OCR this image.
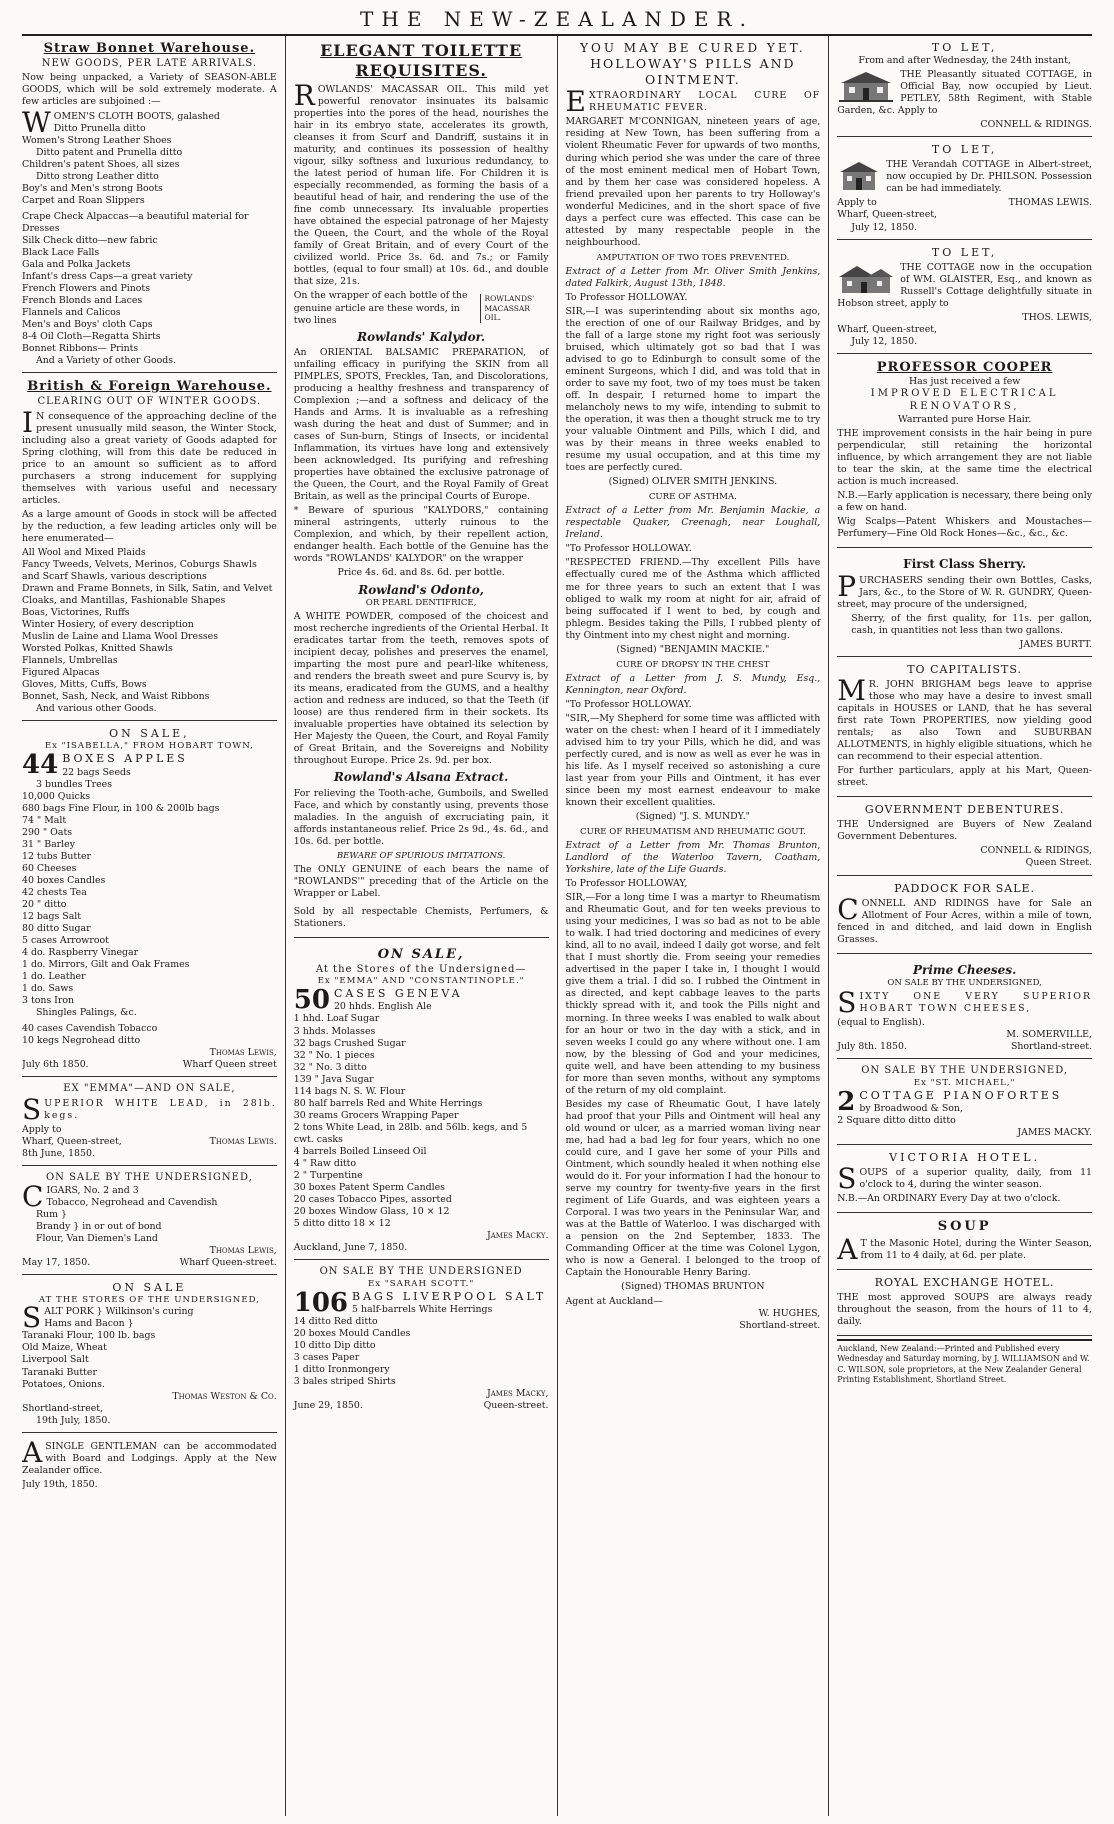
THE NEW-ZEALANDER.
Straw Bonnet Warehouse.
NEW GOODS, PER LATE ARRIVALS.

Now being unpacked, a Variety of SEASON-ABLE GOODS, which will be sold extremely moderate. A few articles are subjoined :—

W OMEN'S CLOTH BOOTS, galashed
Ditto Prunella ditto
Women's Strong Leather Shoes
Ditto patent and Prunella ditto
Children's patent Shoes, all sizes
Ditto strong Leather ditto
Boy's and Men's strong Boots
Carpet and Roan Slippers
Crape Check Alpaccas—a beautiful material for Dresses
Silk Check ditto—new fabric
Black Lace Falls
Gala and Polka Jackets
Infant's dress Caps—a great variety
French Flowers and Pinots
French Blonds and Laces
Flannels and Calicos
Men's and Boys' cloth Caps
8-4 Oil Cloth—Regatta Shirts
Bonnet Ribbons— Prints
And a Variety of other Goods.
British & Foreign Warehouse.
CLEARING OUT OF WINTER GOODS.

I N consequence of the approaching decline of the present unusually mild season, the Winter Stock, including also a great variety of Goods adapted for Spring clothing, will from this date be reduced in price to an amount so sufficient as to afford purchasers a strong inducement for supplying themselves with various useful and necessary articles.

As a large amount of Goods in stock will be affected by the reduction, a few leading articles only will be here enumerated—

All Wool and Mixed Plaids
Fancy Tweeds, Velvets, Merinos, Coburgs Shawls and Scarf Shawls, various descriptions
Drawn and Frame Bonnets, in Silk, Satin, and Velvet
Cloaks, and Mantillas, Fashionable Shapes
Boas, Victorines, Ruffs
Winter Hosiery, of every description
Muslin de Laine and Llama Wool Dresses
Worsted Polkas, Knitted Shawls
Flannels, Umbrellas
Figured Alpacas
Gloves, Mitts, Cuffs, Bows
Bonnet, Sash, Neck, and Waist Ribbons
And various other Goods.
ON SALE,
Ex "ISABELLA," FROM HOBART TOWN,
44 BOXES APPLES
22 bags Seeds
3 bundles Trees
10,000 Quicks
680 bags Fine Flour, in 100 & 200lb bags
74 " Malt
290 " Oats
31 " Barley
12 tubs Butter
60 Cheeses
40 boxes Candles
42 chests Tea
20 " ditto
12 bags Salt
80 ditto Sugar
5 cases Arrowroot
4 do. Raspberry Vinegar
1 do. Mirrors, Gilt and Oak Frames
1 do. Leather
1 do. Saws
3 tons Iron
Shingles Palings, &c.
40 cases Cavendish Tobacco
10 kegs Negrohead ditto
Thomas Lewis,
July 6th 1850.	Wharf Queen street
EX "EMMA"—AND ON SALE,

SUPERIOR WHITE LEAD, in 28lb. kegs.

Apply to
Wharf, Queen-street,	Thomas Lewis.
8th June, 1850.
ON SALE BY THE UNDERSIGNED,
C IGARS, No. 2 and 3
Tobacco, Negrohead and Cavendish
Rum }
Brandy } in or out of bond
Flour, Van Diemen's Land
Thomas Lewis,
May 17, 1850.	Wharf Queen-street.
ON SALE
AT THE STORES OF THE UNDERSIGNED,
S ALT PORK } Wilkinson's curing
Hams and Bacon }
Taranaki Flour, 100 lb. bags
Old Maize, Wheat
Liverpool Salt
Taranaki Butter
Potatoes, Onions.
Thomas Weston & Co.
Shortland-street,
19th July, 1850.

ASINGLE GENTLEMAN can be accommodated with Board and Lodgings. Apply at the New Zealander office.

July 19th, 1850.
ELEGANT TOILETTE REQUISITES.

ROWLANDS' MACASSAR OIL. This mild yet powerful renovator insinuates its balsamic properties into the pores of the head, nourishes the hair in its embryo state, accelerates its growth, cleanses it from Scurf and Dandriff, sustains it in maturity, and continues its possession of healthy vigour, silky softness and luxurious redundancy, to the latest period of human life. For Children it is especially recommended, as forming the basis of a beautiful head of hair, and rendering the use of the fine comb unnecessary. Its invaluable properties have obtained the especial patronage of her Majesty the Queen, the Court, and the whole of the Royal family of Great Britain, and of every Court of the civilized world. Price 3s. 6d. and 7s.; or Family bottles, (equal to four small) at 10s. 6d., and double that size, 21s.

On the wrapper of each bottle of the genuine article are these words, in two lines
ROWLANDS' MACASSAR OIL.
Rowlands' Kalydor.

An ORIENTAL BALSAMIC PREPARATION, of unfailing efficacy in purifying the SKIN from all PIMPLES, SPOTS, Freckles, Tan, and Discolorations, producing a healthy freshness and transparency of Complexion ;—and a softness and delicacy of the Hands and Arms. It is invaluable as a refreshing wash during the heat and dust of Summer; and in cases of Sun-burn, Stings of Insects, or incidental Inflammation, its virtues have long and extensively been acknowledged. Its purifying and refreshing properties have obtained the exclusive patronage of the Queen, the Court, and the Royal Family of Great Britain, as well as the principal Courts of Europe.

* Beware of spurious "KALYDORS," containing mineral astringents, utterly ruinous to the Complexion, and which, by their repellent action, endanger health. Each bottle of the Genuine has the words "ROWLANDS' KALYDOR" on the wrapper

Price 4s. 6d. and 8s. 6d. per bottle.
Rowland's Odonto,
OR PEARL DENTIFRICE,

A WHITE POWDER, composed of the choicest and most recherche ingredients of the Oriental Herbal. It eradicates tartar from the teeth, removes spots of incipient decay, polishes and preserves the enamel, imparting the most pure and pearl-like whiteness, and renders the breath sweet and pure Scurvy is, by its means, eradicated from the GUMS, and a healthy action and redness are induced, so that the Teeth (if loose) are thus rendered firm in their sockets. Its invaluable properties have obtained its selection by Her Majesty the Queen, the Court, and Royal Family of Great Britain, and the Sovereigns and Nobility throughout Europe. Price 2s. 9d. per box.

Rowland's Alsana Extract.

For relieving the Tooth-ache, Gumboils, and Swelled Face, and which by constantly using, prevents those maladies. In the anguish of excruciating pain, it affords instantaneous relief. Price 2s 9d., 4s. 6d., and 10s. 6d. per bottle.

BEWARE OF SPURIOUS IMITATIONS.

The ONLY GENUINE of each bears the name of "ROWLANDS'" preceding that of the Article on the Wrapper or Label.

Sold by all respectable Chemists, Perfumers, & Stationers.

ON SALE,
At the Stores of the Undersigned—
Ex "EMMA" AND "CONSTANTINOPLE."
50 CASES GENEVA
20 hhds. English Ale
1 hhd. Loaf Sugar
3 hhds. Molasses
32 bags Crushed Sugar
32 " No. 1 pieces
32 " No. 3 ditto
139 " Java Sugar
114 bags N. S. W. Flour
80 half barrels Red and White Herrings
30 reams Grocers Wrapping Paper
2 tons White Lead, in 28lb. and 56lb. kegs, and 5 cwt. casks
4 barrels Boiled Linseed Oil
4 " Raw ditto
2 " Turpentine
30 boxes Patent Sperm Candles
20 cases Tobacco Pipes, assorted
20 boxes Window Glass, 10 × 12
5 ditto ditto 18 × 12
James Macky.
Auckland, June 7, 1850.
ON SALE BY THE UNDERSIGNED
Ex "SARAH SCOTT."
106 BAGS LIVERPOOL SALT
5 half-barrels White Herrings
14 ditto Red ditto
20 boxes Mould Candles
10 ditto Dip ditto
3 cases Paper
1 ditto Ironmongery
3 bales striped Shirts
James Macky,
June 29, 1850.	Queen-street.
YOU MAY BE CURED YET.
HOLLOWAY'S PILLS AND OINTMENT.

EXTRAORDINARY LOCAL CURE OF RHEUMATIC FEVER.

MARGARET M'CONNIGAN, nineteen years of age, residing at New Town, has been suffering from a violent Rheumatic Fever for upwards of two months, during which period she was under the care of three of the most eminent medical men of Hobart Town, and by them her case was considered hopeless. A friend prevailed upon her parents to try Holloway's wonderful Medicines, and in the short space of five days a perfect cure was effected. This case can be attested by many respectable people in the neighbourhood.

AMPUTATION OF TWO TOES PREVENTED.

Extract of a Letter from Mr. Oliver Smith Jenkins, dated Falkirk, August 13th, 1848.

To Professor HOLLOWAY.

SIR,—I was superintending about six months ago, the erection of one of our Railway Bridges, and by the fall of a large stone my right foot was seriously bruised, which ultimately got so bad that I was advised to go to Edinburgh to consult some of the eminent Surgeons, which I did, and was told that in order to save my foot, two of my toes must be taken off. In despair, I returned home to impart the melancholy news to my wife, intending to submit to the operation, it was then a thought struck me to try your valuable Ointment and Pills, which I did, and was by their means in three weeks enabled to resume my usual occupation, and at this time my toes are perfectly cured.

(Signed) OLIVER SMITH JENKINS.
CURE OF ASTHMA.

Extract of a Letter from Mr. Benjamin Mackie, a respectable Quaker, Creenagh, near Loughall, Ireland.

"To Professor HOLLOWAY.

"RESPECTED FRIEND.—Thy excellent Pills have effectually cured me of the Asthma which afflicted me for three years to such an extent that I was obliged to walk my room at night for air, afraid of being suffocated if I went to bed, by cough and phlegm. Besides taking the Pills, I rubbed plenty of thy Ointment into my chest night and morning.

(Signed) "BENJAMIN MACKIE."
CURE OF DROPSY IN THE CHEST

Extract of a Letter from J. S. Mundy, Esq., Kennington, near Oxford.

"To Professor HOLLOWAY.

"SIR,—My Shepherd for some time was afflicted with water on the chest: when I heard of it I immediately advised him to try your Pills, which he did, and was perfectly cured, and is now as well as ever he was in his life. As I myself received so astonishing a cure last year from your Pills and Ointment, it has ever since been my most earnest endeavour to make known their excellent qualities.

(Signed) "J. S. MUNDY."
CURE OF RHEUMATISM AND RHEUMATIC GOUT.

Extract of a Letter from Mr. Thomas Brunton, Landlord of the Waterloo Tavern, Coatham, Yorkshire, late of the Life Guards.

To Professor HOLLOWAY,

SIR,—For a long time I was a martyr to Rheumatism and Rheumatic Gout, and for ten weeks previous to using your medicines, I was so bad as not to be able to walk. I had tried doctoring and medicines of every kind, all to no avail, indeed I daily got worse, and felt that I must shortly die. From seeing your remedies advertised in the paper I take in, I thought I would give them a trial. I did so. I rubbed the Ointment in as directed, and kept cabbage leaves to the parts thickly spread with it, and took the Pills night and morning. In three weeks I was enabled to walk about for an hour or two in the day with a stick, and in seven weeks I could go any where without one. I am now, by the blessing of God and your medicines, quite well, and have been attending to my business for more than seven months, without any symptoms of the return of my old complaint.

Besides my case of Rheumatic Gout, I have lately had proof that your Pills and Ointment will heal any old wound or ulcer, as a married woman living near me, had had a bad leg for four years, which no one could cure, and I gave her some of your Pills and Ointment, which soundly healed it when nothing else would do it. For your information I had the honour to serve my country for twenty-five years in the first regiment of Life Guards, and was eighteen years a Corporal. I was two years in the Peninsular War, and was at the Battle of Waterloo. I was discharged with a pension on the 2nd September, 1833. The Commanding Officer at the time was Colonel Lygon, who is now a General. I belonged to the troop of Captain the Honourable Henry Baring.

(Signed) THOMAS BRUNTON
Agent at Auckland—
W. HUGHES,
Shortland-street.
TO LET,
From and after Wednesday, the 24th instant,

THE Pleasantly situated COTTAGE, in Official Bay, now occupied by Lieut. PETLEY, 58th Regiment, with Stable Garden, &c. Apply to

CONNELL & RIDINGS.
TO LET,

THE Verandah COTTAGE in Albert-street, now occupied by Dr. PHILSON. Possession can be had immediately.

Apply to	THOMAS LEWIS.
Wharf, Queen-street,
July 12, 1850.
TO LET,

THE COTTAGE now in the occupation of WM. GLAISTER, Esq., and known as Russell's Cottage delightfully situate in Hobson street, apply to

THOS. LEWIS,
Wharf, Queen-street,
July 12, 1850.
PROFESSOR COOPER
Has just received a few
IMPROVED ELECTRICAL RENOVATORS,
Warranted pure Horse Hair.

THE improvement consists in the hair being in pure perpendicular, still retaining the horizontal influence, by which arrangement they are not liable to tear the skin, at the same time the electrical action is much increased.

N.B.—Early application is necessary, there being only a few on hand.

Wig Scalps—Patent Whiskers and Moustaches—Perfumery—Fine Old Rock Hones—&c., &c., &c.

First Class Sherry.

PURCHASERS sending their own Bottles, Casks, Jars, &c., to the Store of W. R. GUNDRY, Queen-street, may procure of the undersigned,

Sherry, of the first quality, for 11s. per gallon, cash, in quantities not less than two gallons.

JAMES BURTT.
TO CAPITALISTS.

M R. JOHN BRIGHAM begs leave to apprise those who may have a desire to invest small capitals in HOUSES or LAND, that he has several first rate Town PROPERTIES, now yielding good rentals; as also Town and SUBURBAN ALLOTMENTS, in highly eligible situations, which he can recommend to their especial attention.

For further particulars, apply at his Mart, Queen-street.

GOVERNMENT DEBENTURES.

THE Undersigned are Buyers of New Zealand Government Debentures.

CONNELL & RIDINGS,
Queen Street.
PADDOCK FOR SALE.

CONNELL AND RIDINGS have for Sale an Allotment of Four Acres, within a mile of town, fenced in and ditched, and laid down in English Grasses.

Prime Cheeses.
ON SALE BY THE UNDERSIGNED,

SIXTY ONE VERY SUPERIOR HOBART TOWN CHEESES,

(equal to English).
M. SOMERVILLE,
July 8th. 1850.	Shortland-street.
ON SALE BY THE UNDERSIGNED,
Ex "ST. MICHAEL,"
2 COTTAGE PIANOFORTES
by Broadwood & Son,
2 Square ditto ditto ditto
JAMES MACKY.
VICTORIA HOTEL.

SOUPS of a superior quality, daily, from 11 o'clock to 4, during the winter season.

N.B.—An ORDINARY Every Day at two o'clock.

SOUP

A T the Masonic Hotel, during the Winter Season, from 11 to 4 daily, at 6d. per plate.

ROYAL EXCHANGE HOTEL.

THE most approved SOUPS are always ready throughout the season, from the hours of 11 to 4, daily.

Auckland, New Zealand:—Printed and Published every Wednesday and Saturday morning, by J. WILLIAMSON and W. C. WILSON, sole proprietors, at the New Zealander General Printing Establishment, Shortland Street.
